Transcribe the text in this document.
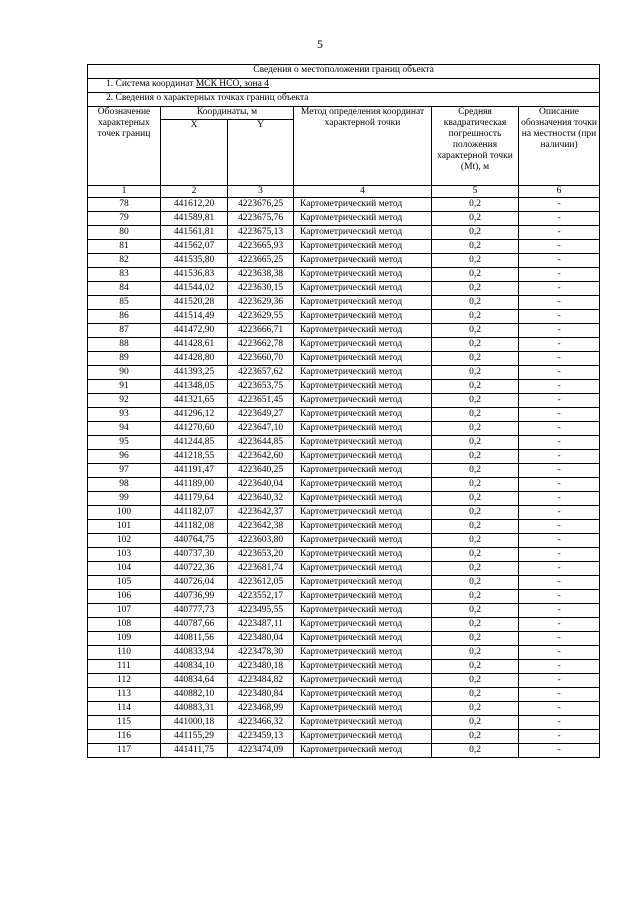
5
Сведения о местоположении границ объекта					
1. Система координат МСК НСО, зона 4					
2. Сведения о характерных точках границ объекта					
Обозначение характерных точек границ	Координаты, м		Метод определения координат характерной точки	Средняя квадратическая погрешность положения характерной точки (Mt), м	Описание обозначения точки на местности (при наличии)
	X	Y			
1	2	3	4	5	6
78	441612,20	4223676,25	Картометрический метод	0,2	-
79	441589,81	4223675,76	Картометрический метод	0,2	-
80	441561,81	4223675,13	Картометрический метод	0,2	-
81	441562,07	4223665,93	Картометрический метод	0,2	-
82	441535,80	4223665,25	Картометрический метод	0,2	-
83	441536,83	4223638,38	Картометрический метод	0,2	-
84	441544,02	4223630,15	Картометрический метод	0,2	-
85	441520,28	4223629,36	Картометрический метод	0,2	-
86	441514,49	4223629,55	Картометрический метод	0,2	-
87	441472,90	4223666,71	Картометрический метод	0,2	-
88	441428,61	4223662,78	Картометрический метод	0,2	-
89	441428,80	4223660,70	Картометрический метод	0,2	-
90	441393,25	4223657,62	Картометрический метод	0,2	-
91	441348,05	4223653,75	Картометрический метод	0,2	-
92	441321,65	4223651,45	Картометрический метод	0,2	-
93	441296,12	4223649,27	Картометрический метод	0,2	-
94	441270,60	4223647,10	Картометрический метод	0,2	-
95	441244,85	4223644,85	Картометрический метод	0,2	-
96	441218,55	4223642,60	Картометрический метод	0,2	-
97	441191,47	4223640,25	Картометрический метод	0,2	-
98	441189,00	4223640,04	Картометрический метод	0,2	-
99	441179,64	4223640,32	Картометрический метод	0,2	-
100	441182,07	4223642,37	Картометрический метод	0,2	-
101	441182,08	4223642,38	Картометрический метод	0,2	-
102	440764,75	4223603,80	Картометрический метод	0,2	-
103	440737,30	4223653,20	Картометрический метод	0,2	-
104	440722,36	4223681,74	Картометрический метод	0,2	-
105	440726,04	4223612,05	Картометрический метод	0,2	-
106	440736,99	4223552,17	Картометрический метод	0,2	-
107	440777,73	4223495,55	Картометрический метод	0,2	-
108	440787,66	4223487,11	Картометрический метод	0,2	-
109	440811,56	4223480,04	Картометрический метод	0,2	-
110	440833,94	4223478,30	Картометрический метод	0,2	-
111	440834,10	4223480,18	Картометрический метод	0,2	-
112	440834,64	4223484,82	Картометрический метод	0,2	-
113	440882,10	4223480,84	Картометрический метод	0,2	-
114	440883,31	4223468,99	Картометрический метод	0,2	-
115	441000,18	4223466,32	Картометрический метод	0,2	-
116	441155,29	4223459,13	Картометрический метод	0,2	-
117	441411,75	4223474,09	Картометрический метод	0,2	-
